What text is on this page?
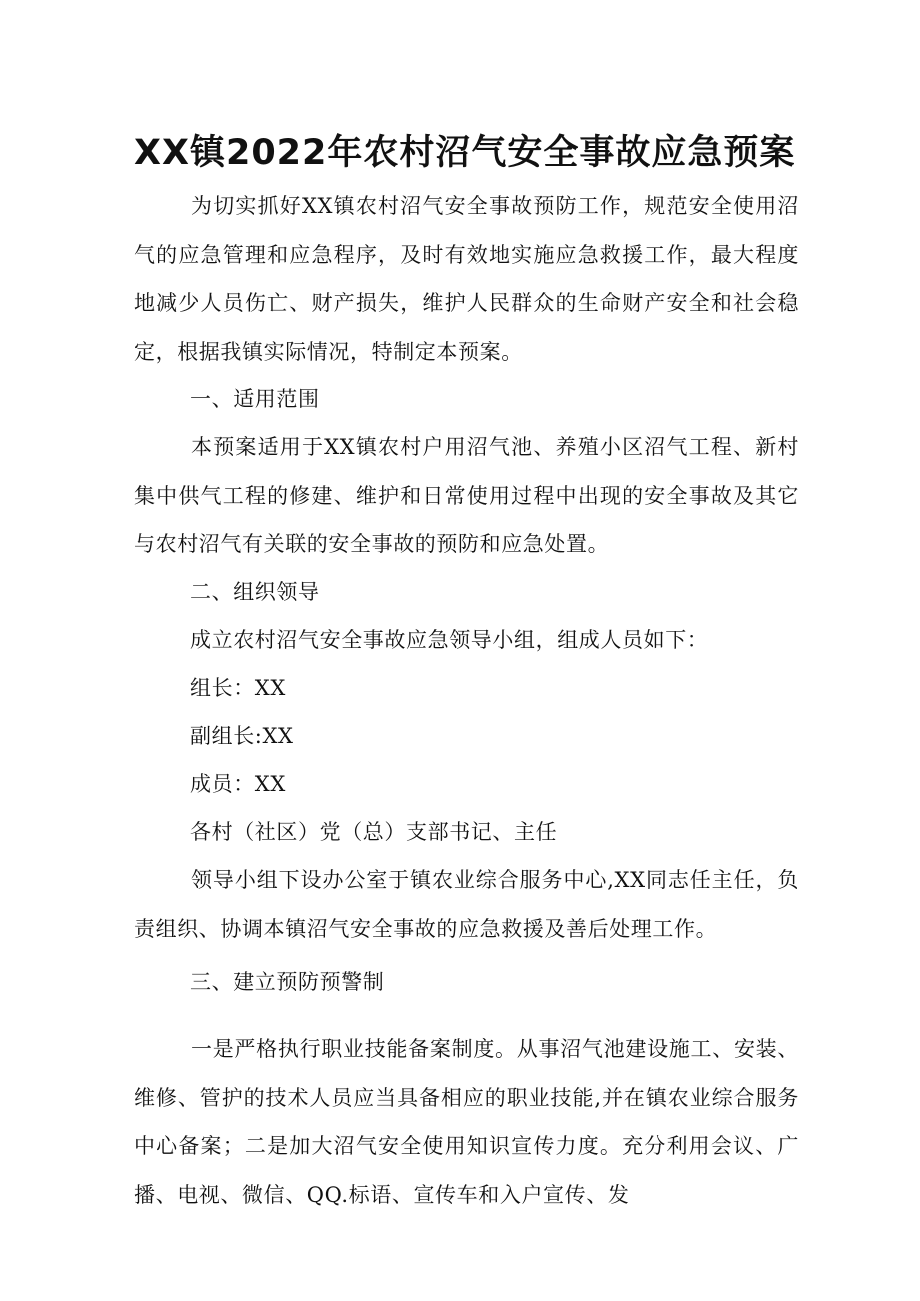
XX镇2022年农村沼气安全事故应急预案

为切实抓好XX镇农村沼气安全事故预防工作，规范安全使用沼气的应急管理和应急程序，及时有效地实施应急救援工作，最大程度地减少人员伤亡、财产损失，维护人民群众的生命财产安全和社会稳定，根据我镇实际情况，特制定本预案。

一、适用范围

本预案适用于XX镇农村户用沼气池、养殖小区沼气工程、新村集中供气工程的修建、维护和日常使用过程中出现的安全事故及其它与农村沼气有关联的安全事故的预防和应急处置。

二、组织领导

成立农村沼气安全事故应急领导小组，组成人员如下：

组长：XX

副组长:XX

成员：XX

各村（社区）党（总）支部书记、主任

领导小组下设办公室于镇农业综合服务中心,XX同志任主任，负责组织、协调本镇沼气安全事故的应急救援及善后处理工作。

三、建立预防预警制

一是严格执行职业技能备案制度。从事沼气池建设施工、安装、维修、管护的技术人员应当具备相应的职业技能,并在镇农业综合服务中心备案；二是加大沼气安全使用知识宣传力度。充分利用会议、广播、电视、微信、QQ.标语、宣传车和入户宣传、发
